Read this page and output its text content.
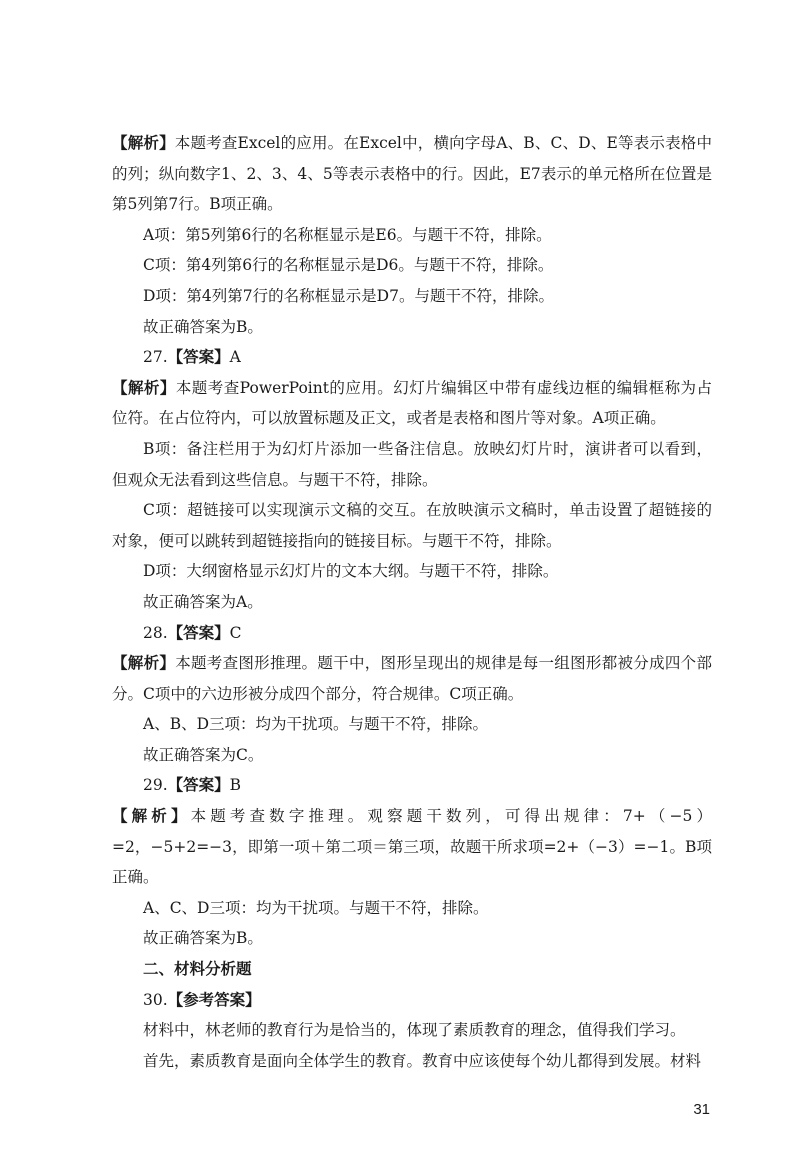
【解析】本题考查Excel的应用。在Excel中，横向字母A、B、C、D、E等表示表格中的列；纵向数字1、2、3、4、5等表示表格中的行。因此，E7表示的单元格所在位置是第5列第7行。B项正确。

A项：第5列第6行的名称框显示是E6。与题干不符，排除。

C项：第4列第6行的名称框显示是D6。与题干不符，排除。

D项：第4列第7行的名称框显示是D7。与题干不符，排除。

故正确答案为B。

27.【答案】A

【解析】本题考查PowerPoint的应用。幻灯片编辑区中带有虚线边框的编辑框称为占位符。在占位符内，可以放置标题及正文，或者是表格和图片等对象。A项正确。

B项：备注栏用于为幻灯片添加一些备注信息。放映幻灯片时，演讲者可以看到，但观众无法看到这些信息。与题干不符，排除。

C项：超链接可以实现演示文稿的交互。在放映演示文稿时，单击设置了超链接的对象，便可以跳转到超链接指向的链接目标。与题干不符，排除。

D项：大纲窗格显示幻灯片的文本大纲。与题干不符，排除。

故正确答案为A。

28.【答案】C

【解析】本题考查图形推理。题干中，图形呈现出的规律是每一组图形都被分成四个部分。C项中的六边形被分成四个部分，符合规律。C项正确。

A、B、D三项：均为干扰项。与题干不符，排除。

故正确答案为C。

29.【答案】B

【解析】本题考查数字推理。观察题干数列，可得出规律：7+（−5）=2，−5+2=−3，即第一项＋第二项＝第三项，故题干所求项=2+（−3）=−1。B项正确。

A、C、D三项：均为干扰项。与题干不符，排除。

故正确答案为B。

二、材料分析题

30.【参考答案】

材料中，林老师的教育行为是恰当的，体现了素质教育的理念，值得我们学习。

首先，素质教育是面向全体学生的教育。教育中应该使每个幼儿都得到发展。材料

31
